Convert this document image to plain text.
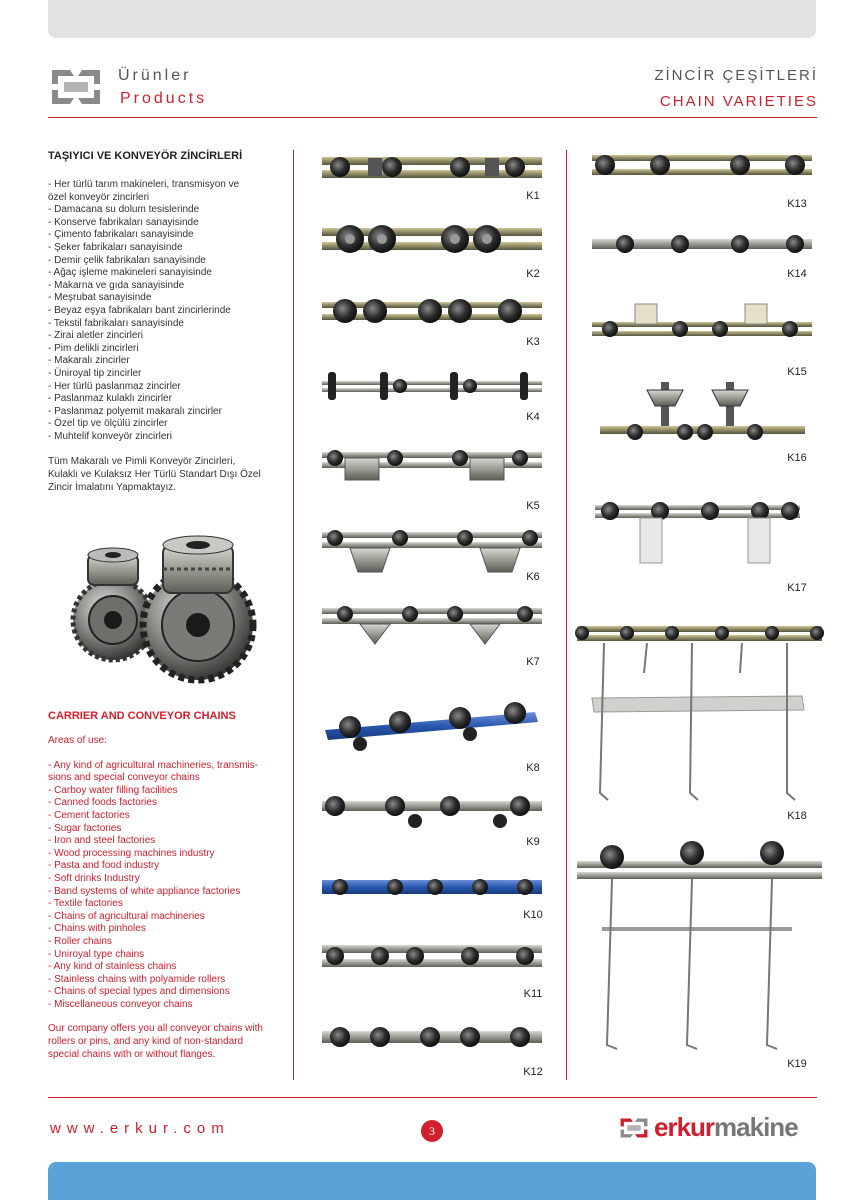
Ürünler
Products
ZİNCİR ÇEŞİTLERİ
CHAIN VARIETIES
TAŞIYICI VE KONVEYÖR ZİNCİRLERİ
- Her türlü tarım makineleri, transmisyon ve
özel konveyör zincirleri
- Damacana su dolum tesislerinde
- Konserve fabrikaları sanayisinde
- Çimento fabrikaları sanayisinde
- Şeker fabrikaları sanayisinde
- Demir çelik fabrikaları sanayisinde
- Ağaç işleme makineleri sanayisinde
- Makarna ve gıda sanayisinde
- Meşrubat sanayisinde
- Beyaz eşya fabrikaları bant zincirlerinde
- Tekstil fabrikaları sanayisinde
- Zirai aletler zincirleri
- Pim delikli zincirleri
- Makaralı zincirler
- Üniroyal tip zincirler
- Her türlü paslanmaz zincirler
- Paslanmaz kulaklı zincirler
- Paslanmaz polyemit makaralı zincirler
- Özel tip ve ölçülü zincirler
- Muhtelif konveyör zincirleri
Tüm Makaralı ve Pimli Konveyör Zincirleri, Kulaklı ve Kulaksız Her Türlü Standart Dışı Özel Zincir İmalatını Yapmaktayız.
CARRIER AND CONVEYOR CHAINS
Areas of use:
- Any kind of agricultural machineries, transmis-
sions and special conveyor chains
- Carboy water filling facilities
- Canned foods factories
- Cement factories
- Sugar factories
- Iron and steel factories
- Wood processing machines industry
- Pasta and food industry
- Soft drinks Industry
- Band systems of white appliance factories
- Textile factories
- Chains of agricultural machineries
- Chains with pinholes
- Roller chains
- Uniroyal type chains
- Any kind of stainless chains
- Stainless chains with polyamide rollers
- Chains of special types and dimensions
- Miscellaneous conveyor chains
Our company offers you all conveyor chains with rollers or pins, and any kind of non-standard special chains with or without flanges.
K1
K2
K3
K4
K5
K6
K7
K8
K9
K10
K11
K12
K13
K14
K15
K16
K17
K18
K19
www.erkur.com	3	erkurmakine
